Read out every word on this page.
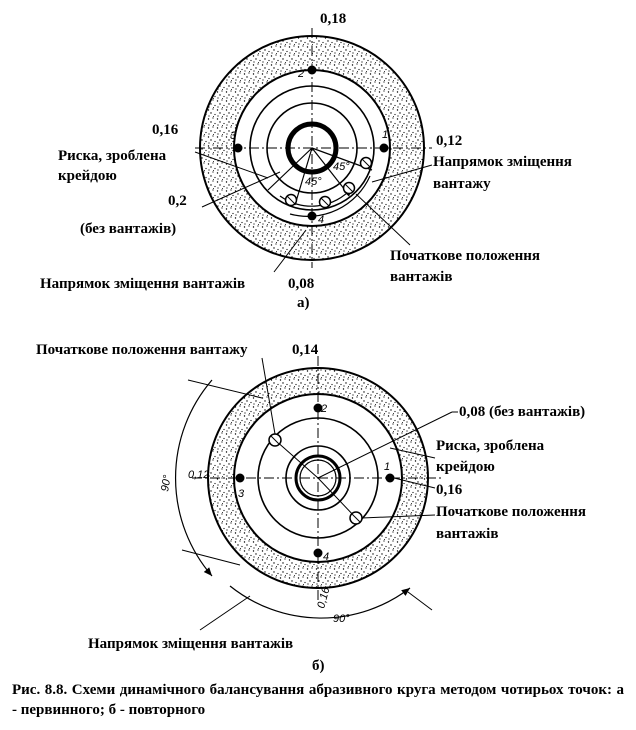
2
1
3
4
45°
45°
0,18
0,16
0,12
Риска, зроблена
крейдою
0,2
(без вантажів)
Напрямок зміщення
вантажу
Початкове положення
вантажів
Напрямок зміщення вантажів	0,08
а)
2
1
3
4
Початкове положення вантажу	0,14
0,08 (без вантажів)
Риска, зроблена
крейдою
0,16
Початкове положення
вантажів
0,12
0,16
90°
90°
Напрямок зміщення вантажів
б)
Рис. 8.8. Схеми динамічного балансування абразивного круга методом чотирьох точок: а - первинного; б - повторного
